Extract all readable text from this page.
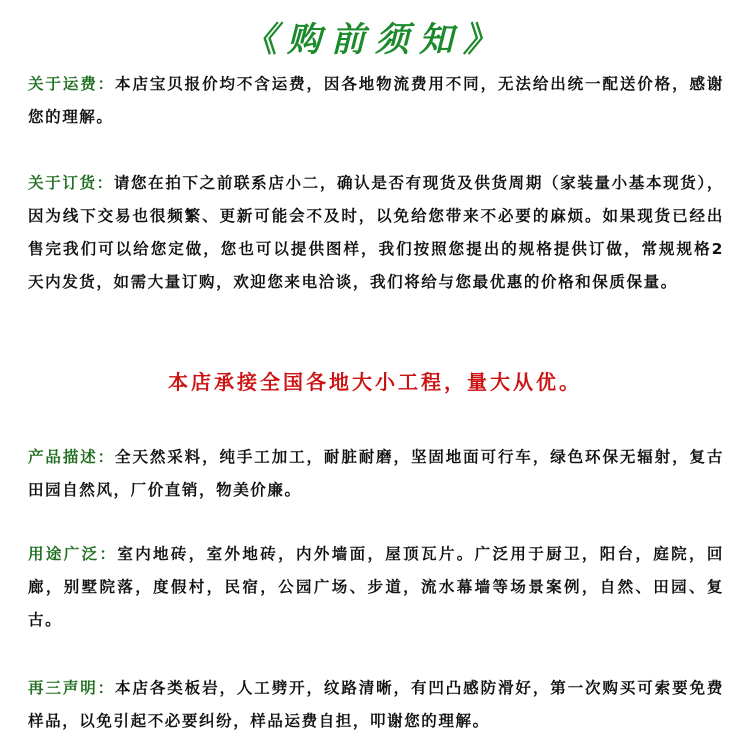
《购前须知》
关于运费：本店宝贝报价均不含运费，因各地物流费用不同，无法给出统一配送价格，感谢您的理解。
关于订货：请您在拍下之前联系店小二，确认是否有现货及供货周期（家装量小基本现货），因为线下交易也很频繁、更新可能会不及时，以免给您带来不必要的麻烦。如果现货已经出售完我们可以给您定做，您也可以提供图样，我们按照您提出的规格提供订做，常规规格2天内发货，如需大量订购，欢迎您来电洽谈，我们将给与您最优惠的价格和保质保量。
本店承接全国各地大小工程，量大从优。
产品描述：全天然采料，纯手工加工，耐脏耐磨，坚固地面可行车，绿色环保无辐射，复古田园自然风，厂价直销，物美价廉。
用途广泛：室内地砖，室外地砖，内外墙面，屋顶瓦片。广泛用于厨卫，阳台，庭院，回廊，别墅院落，度假村，民宿，公园广场、步道，流水幕墙等场景案例，自然、田园、复古。
再三声明：本店各类板岩，人工劈开，纹路清晰，有凹凸感防滑好，第一次购买可索要免费样品，以免引起不必要纠纷，样品运费自担，叩谢您的理解。
